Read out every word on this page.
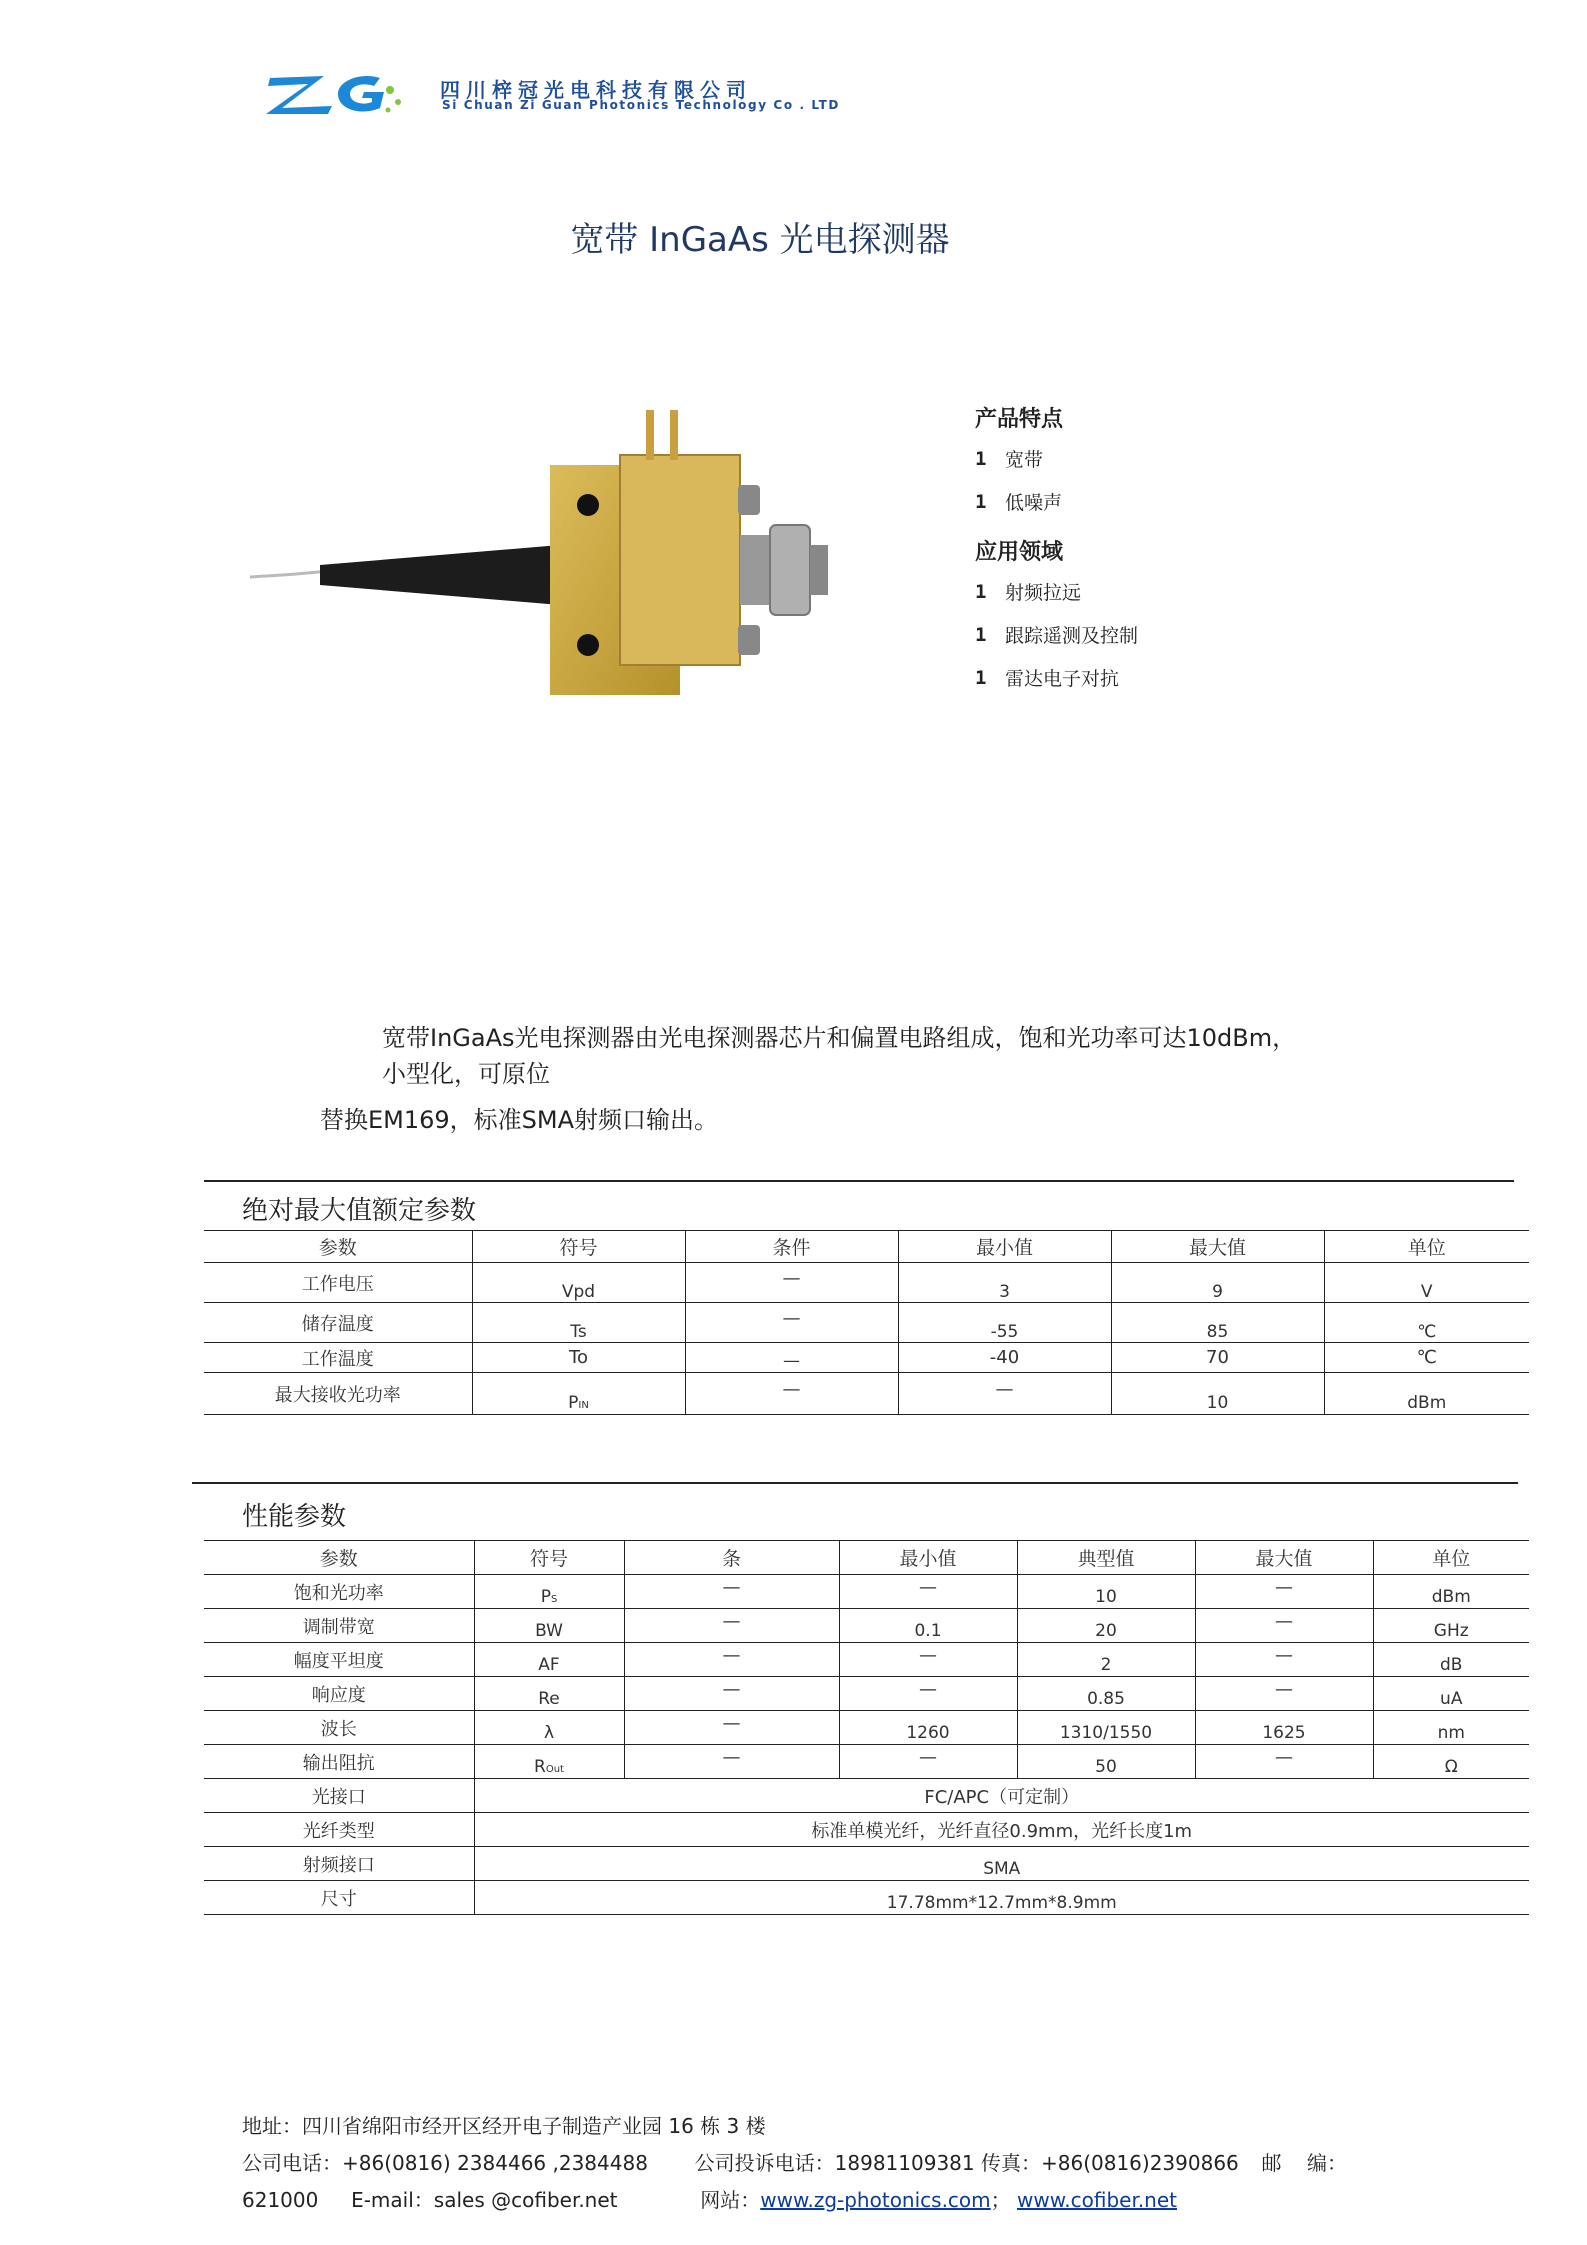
四川梓冠光电科技有限公司
Si Chuan Zi Guan Photonics Technology Co . LTD
宽带 InGaAs 光电探测器
产品特点
1 宽带
1 低噪声
应用领域
1 射频拉远
1 跟踪遥测及控制
1 雷达电子对抗
宽带InGaAs光电探测器由光电探测器芯片和偏置电路组成，饱和光功率可达10dBm，
小型化，可原位
替换EM169，标准SMA射频口输出。
绝对最大值额定参数
参数	符号	条件	最小值	最大值	单位
工作电压	Vpd	—	3	9	V
储存温度	Ts	—	-55	85	℃
工作温度	To	—	-40	70	℃
最大接收光功率	PIN	—	—	10	dBm
性能参数
参数	符号	条	最小值	典型值	最大值	单位
饱和光功率	PS	—	—	10	—	dBm
调制带宽	BW	—	0.1	20	—	GHz
幅度平坦度	AF	—	—	2	—	dB
响应度	Re	—	—	0.85	—	uA
波长	λ	—	1260	1310/1550	1625	nm
输出阻抗	ROut	—	—	50	—	Ω
光接口	FC/APC（可定制）					
光纤类型	标准单模光纤，光纤直径0.9mm，光纤长度1m					
射频接口	SMA					
尺寸	17.78mm*12.7mm*8.9mm					
地址：四川省绵阳市经开区经开电子制造产业园 16 栋 3 楼
公司电话：+86(0816) 2384466 ,2384488 公司投诉电话：18981109381 传真：+86(0816)2390866 邮    编：
621000 E-mail：sales @cofiber.net	网站：www.zg-photonics.com； www.cofiber.net
